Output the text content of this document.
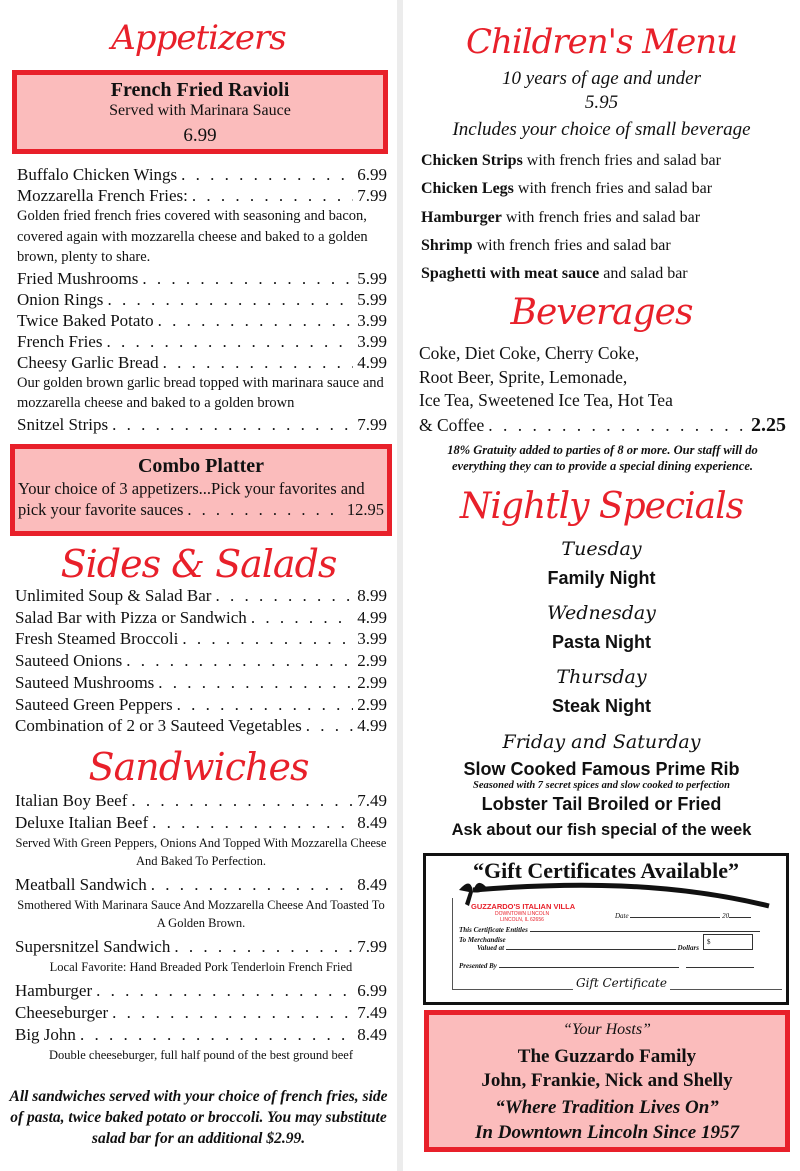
Appetizers
French Fried Ravioli
Served with Marinara Sauce
6.99
Buffalo Chicken Wings . . .	6.99
Mozzarella French Fries: . . .	7.99
Golden fried french fries covered with seasoning and bacon, covered again with mozzarella cheese and baked to a golden brown, plenty to share.
Fried Mushrooms . . .	5.99
Onion Rings . . .	5.99
Twice Baked Potato . . .	3.99
French Fries . . .	3.99
Cheesy Garlic Bread . . .	4.99
Our golden brown garlic bread topped with marinara sauce and mozzarella cheese and baked to a golden brown
Snitzel Strips . . .	7.99
Combo Platter
Your choice of 3 appetizers...Pick your favorites and
pick your favorite sauces . . .	12.95
Sides & Salads
Unlimited Soup & Salad Bar . . .	8.99
Salad Bar with Pizza or Sandwich . . .	4.99
Fresh Steamed Broccoli . . .	3.99
Sauteed Onions . . .	2.99
Sauteed Mushrooms . . .	2.99
Sauteed Green Peppers . . .	2.99
Combination of 2 or 3 Sauteed Vegetables . . .	4.99
Sandwiches
Italian Boy Beef . . .	7.49
Deluxe Italian Beef . . .	8.49
Served With Green Peppers, Onions And Topped With Mozzarella Cheese And Baked To Perfection.
Meatball Sandwich . . .	8.49
Smothered With Marinara Sauce And Mozzarella Cheese And Toasted To A Golden Brown.
Supersnitzel Sandwich . . .	7.99
Local Favorite: Hand Breaded Pork Tenderloin French Fried
Hamburger . . .	6.99
Cheeseburger . . .	7.49
Big John . . .	8.49
Double cheeseburger, full half pound of the best ground beef
All sandwiches served with your choice of french fries, side of pasta, twice baked potato or broccoli. You may substitute salad bar for an additional $2.99.
Children's Menu
10 years of age and under
5.95
Includes your choice of small beverage
Chicken Strips with french fries and salad bar
Chicken Legs with french fries and salad bar
Hamburger with french fries and salad bar
Shrimp with french fries and salad bar
Spaghetti with meat sauce and salad bar
Beverages
Coke, Diet Coke, Cherry Coke,
Root Beer, Sprite, Lemonade,
Ice Tea, Sweetened Ice Tea, Hot Tea
& Coffee . . .	2.25
18% Gratuity added to parties of 8 or more. Our staff will do everything they can to provide a special dining experience.
Nightly Specials
Tuesday
Family Night
Wednesday
Pasta Night
Thursday
Steak Night
Friday and Saturday
Slow Cooked Famous Prime Rib
Seasoned with 7 secret spices and slow cooked to perfection
Lobster Tail Broiled or Fried
Ask about our fish special of the week
“Gift Certificates Available”
GUZZARDO'S ITALIAN VILLA
DOWNTOWN LINCOLN
LINCOLN, IL 62656	Date	20
This Certificate Entitles
To Merchandise
Valued at	Dollars
$
Presented By
Gift Certificate
“Your Hosts”
The Guzzardo Family
John, Frankie, Nick and Shelly
“Where Tradition Lives On”
In Downtown Lincoln Since 1957
